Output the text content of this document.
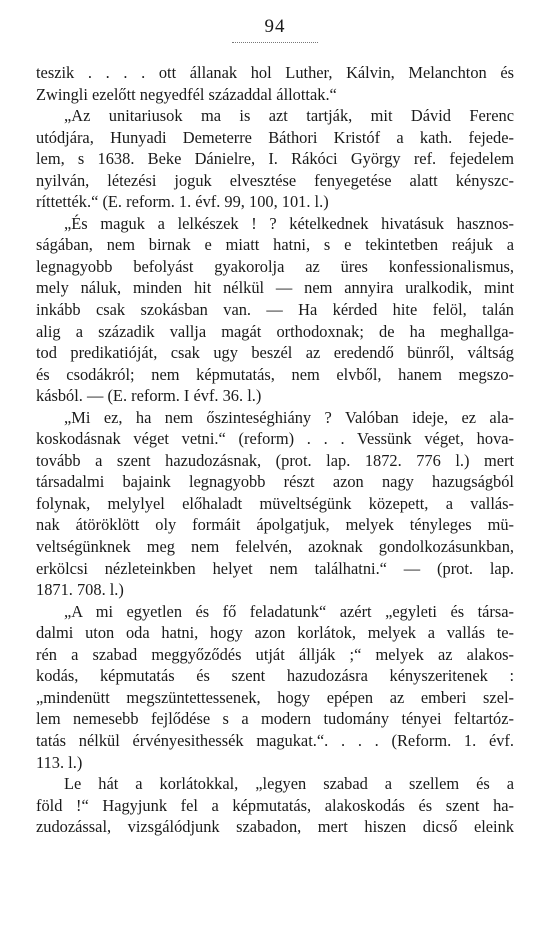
94
teszik . . . . ott állanak hol Luther, Kálvin, Melanchton és
Zwingli ezelőtt negyedfél századdal állottak.“
„Az unitariusok ma is azt tartják, mit Dávid Ferenc
utódjára, Hunyadi Demeterre Báthori Kristóf a kath. fejede-
lem, s 1638. Beke Dánielre, I. Rákóci György ref. fejedelem
nyilván, létezési joguk elvesztése fenyegetése alatt kényszc-
ríttették.“ (E. reform. 1. évf. 99, 100, 101. l.)
„És maguk a lelkészek ! ? kételkednek hivatásuk hasznos-
ságában, nem birnak e miatt hatni, s e tekintetben reájuk a
legnagyobb befolyást gyakorolja az üres konfessionalismus,
mely náluk, minden hit nélkül — nem annyira uralkodik, mint
inkább csak szokásban van. — Ha kérded hite felöl, talán
alig a századik vallja magát orthodoxnak; de ha meghallga-
tod predikatióját, csak ugy beszél az eredendő bünről, váltság
és csodákról; nem képmutatás, nem elvből, hanem megszo-
kásból. — (E. reform. I évf. 36. l.)
„Mi ez, ha nem őszinteséghiány ? Valóban ideje, ez ala-
koskodásnak véget vetni.“ (reform) . . . Vessünk véget, hova-
tovább a szent hazudozásnak, (prot. lap. 1872. 776 l.) mert
társadalmi bajaink legnagyobb részt azon nagy hazugságból
folynak, melylyel előhaladt müveltségünk közepett, a vallás-
nak átöröklött oly formáit ápolgatjuk, melyek tényleges mü-
veltségünknek meg nem felelvén, azoknak gondolkozásunkban,
erkölcsi nézleteinkben helyet nem találhatni.“ — (prot. lap.
1871. 708. l.)
„A mi egyetlen és fő feladatunk“ azért „egyleti és társa-
dalmi uton oda hatni, hogy azon korlátok, melyek a vallás te-
rén a szabad meggyőződés utját állják ;“ melyek az alakos-
kodás, képmutatás és szent hazudozásra kényszeritenek :
„mindenütt megszüntettessenek, hogy epépen az emberi szel-
lem nemesebb fejlődése s a modern tudomány tényei feltartóz-
tatás nélkül érvényesithessék magukat.“. . . . (Reform. 1. évf.
113. l.)
Le hát a korlátokkal, „legyen szabad a szellem és a
föld !“ Hagyjunk fel a képmutatás, alakoskodás és szent ha-
zudozással, vizsgálódjunk szabadon, mert hiszen dicső eleink
